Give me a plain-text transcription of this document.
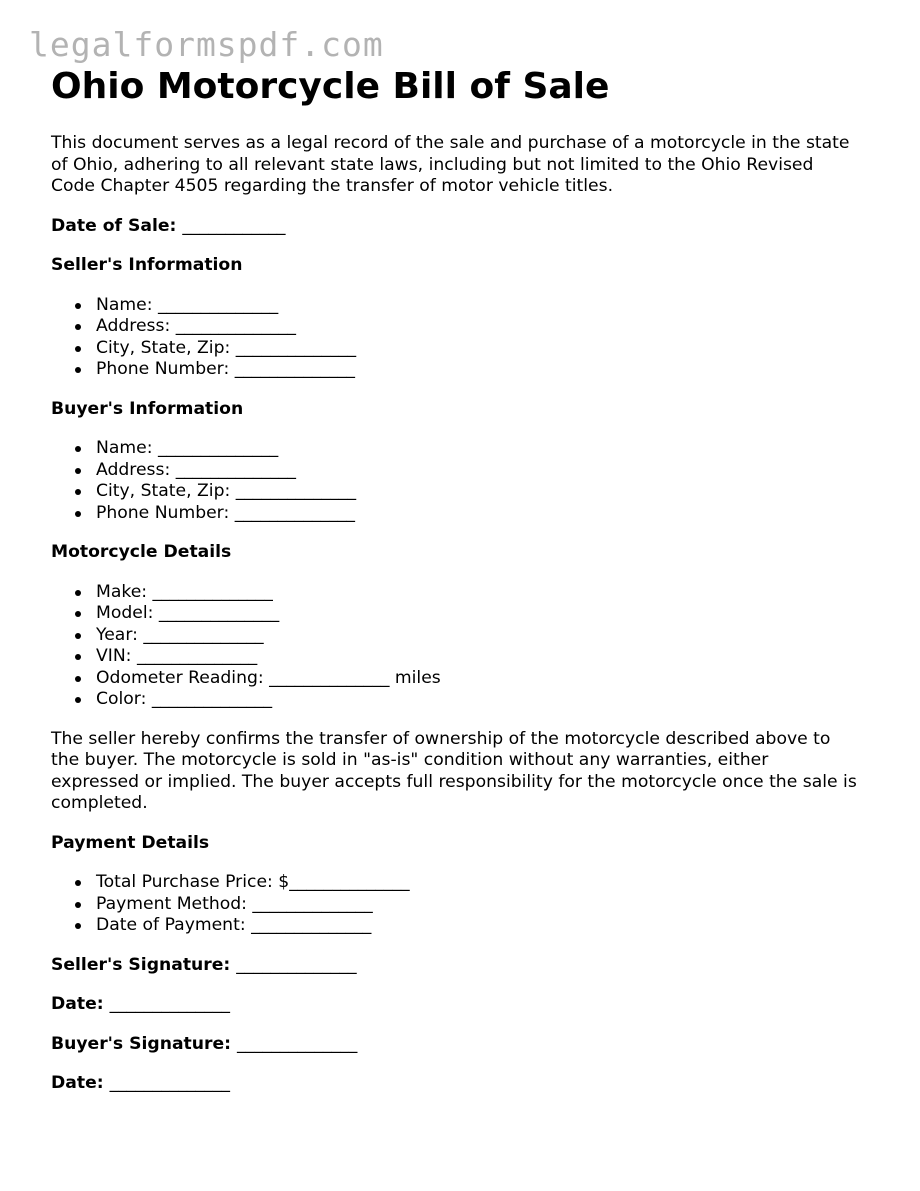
legalformspdf.com
Ohio Motorcycle Bill of Sale

This document serves as a legal record of the sale and purchase of a motorcycle in the state of Ohio, adhering to all relevant state laws, including but not limited to the Ohio Revised Code Chapter 4505 regarding the transfer of motor vehicle titles.

Date of Sale: ____________
Seller's Information
Name: ______________
Address: ______________
City, State, Zip: ______________
Phone Number: ______________
Buyer's Information
Name: ______________
Address: ______________
City, State, Zip: ______________
Phone Number: ______________
Motorcycle Details
Make: ______________
Model: ______________
Year: ______________
VIN: ______________
Odometer Reading: ______________ miles
Color: ______________

The seller hereby confirms the transfer of ownership of the motorcycle described above to the buyer. The motorcycle is sold in "as-is" condition without any warranties, either expressed or implied. The buyer accepts full responsibility for the motorcycle once the sale is completed.

Payment Details
Total Purchase Price: $______________
Payment Method: ______________
Date of Payment: ______________
Seller's Signature: ______________
Date: ______________
Buyer's Signature: ______________
Date: ______________
